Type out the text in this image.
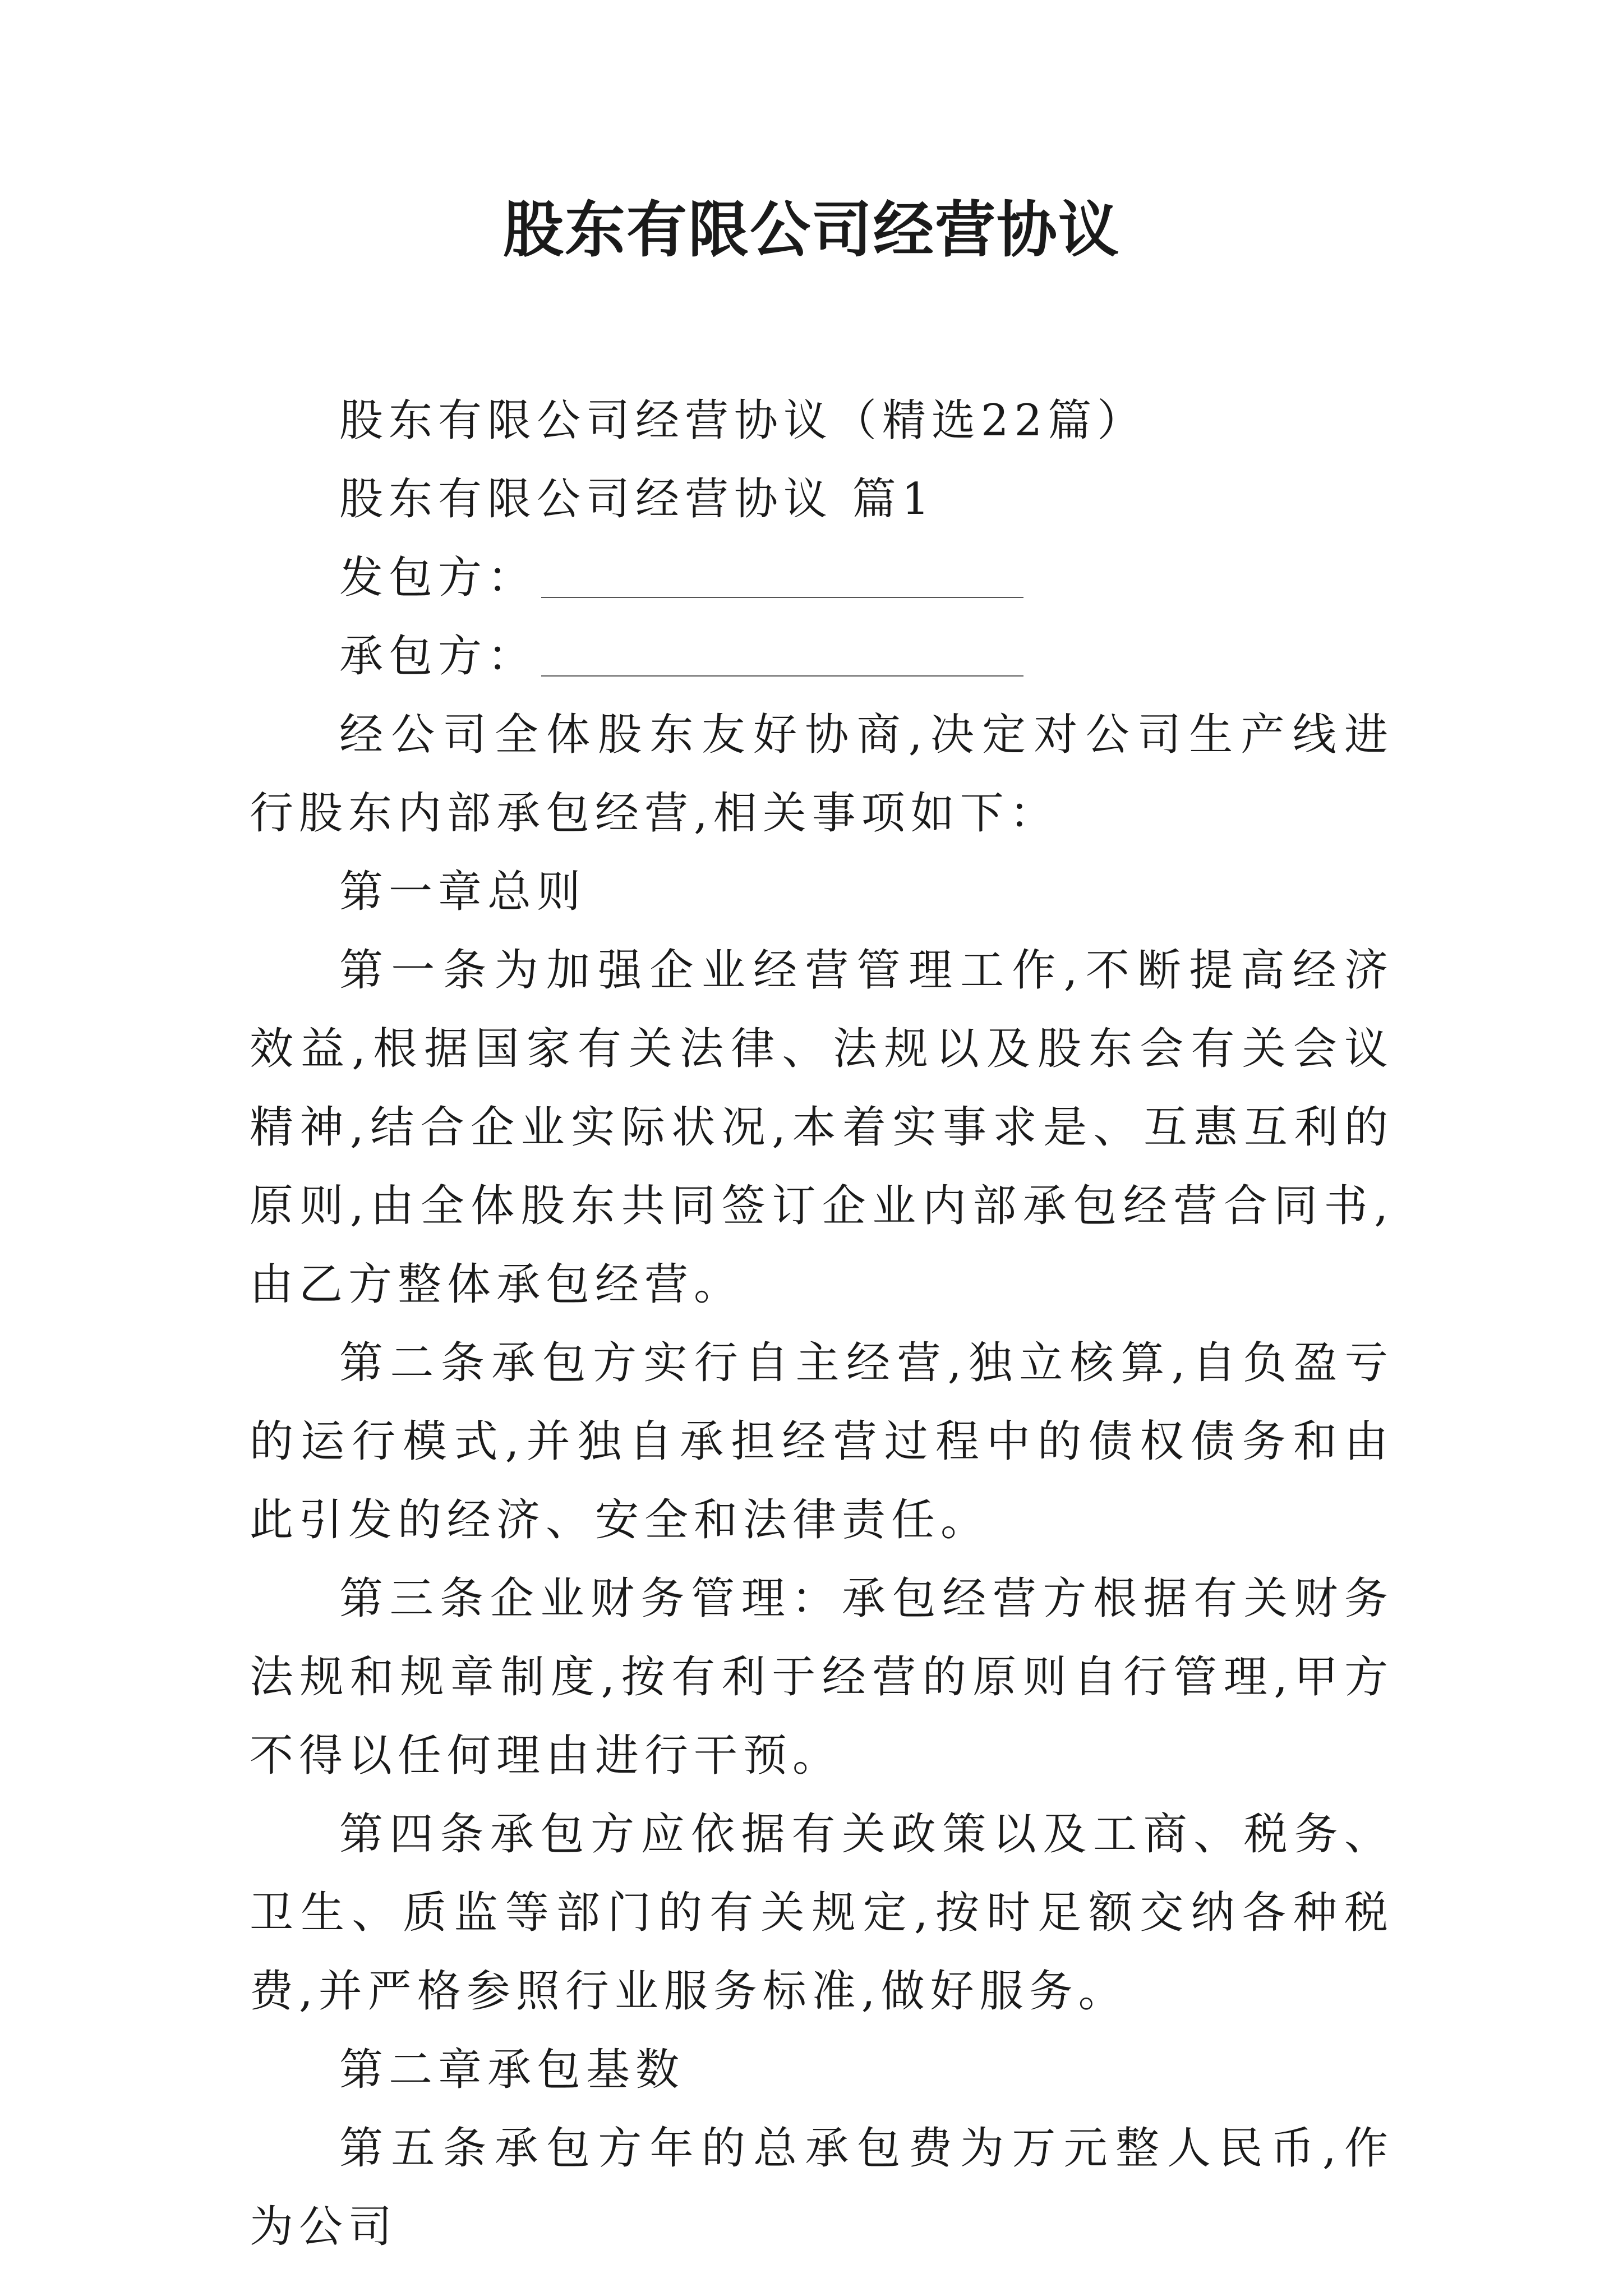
股东有限公司经营协议

股东有限公司经营协议（精选22篇）

股东有限公司经营协议 篇1

发包方：

承包方：

经公司全体股东友好协商,决定对公司生产线进行股东内部承包经营,相关事项如下：

第一章总则

第一条为加强企业经营管理工作,不断提高经济效益,根据国家有关法律、法规以及股东会有关会议精神,结合企业实际状况,本着实事求是、互惠互利的原则,由全体股东共同签订企业内部承包经营合同书,由乙方整体承包经营。

第二条承包方实行自主经营,独立核算,自负盈亏的运行模式,并独自承担经营过程中的债权债务和由此引发的经济、安全和法律责任。

第三条企业财务管理：承包经营方根据有关财务法规和规章制度,按有利于经营的原则自行管理,甲方不得以任何理由进行干预。

第四条承包方应依据有关政策以及工商、税务、卫生、质监等部门的有关规定,按时足额交纳各种税费,并严格参照行业服务标准,做好服务。

第二章承包基数

第五条承包方年的总承包费为万元整人民币,作为公司
